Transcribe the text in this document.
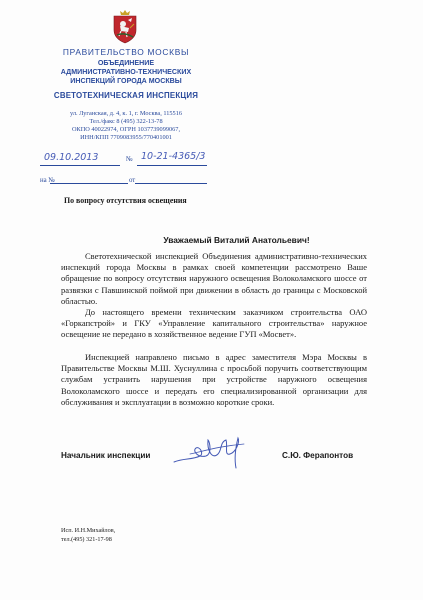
ПРАВИТЕЛЬСТВО МОСКВЫ
ОБЪЕДИНЕНИЕ
АДМИНИСТРАТИВНО-ТЕХНИЧЕСКИХ
ИНСПЕКЦИЙ ГОРОДА МОСКВЫ
СВЕТОТЕХНИЧЕСКАЯ ИНСПЕКЦИЯ
ул. Луганская, д. 4, к. 1, г. Москва, 115516
Тел./факс 8 (495) 322-13-78
ОКПО 40022974, ОГРН 1037739099067,
ИНН/КПП 7709083955/770401001
09.10.2013	№ 10-21-4365/3
на №	от
По вопросу отсутствия освещения
Уважаемый Виталий Анатольевич!

Светотехнической инспекцией Объединения административно-технических инспекций города Москвы в рамках своей компетенции рассмотрено Ваше обращение по вопросу отсутствия наружного освещения Волоколамского шоссе от развязки с Павшинской поймой при движении в область до границы с Московской областью.

До настоящего времени техническим заказчиком строительства ОАО «Горкапстрой» и ГКУ «Управление капитального строительства» наружное освещение не передано в хозяйственное ведение ГУП «Мосвет».

Инспекцией направлено письмо в адрес заместителя Мэра Москвы в Правительстве Москвы М.Ш. Хуснуллина с просьбой поручить соответствующим службам устранить нарушения при устройстве наружного освещения Волоколамского шоссе и передать его специализированной организации для обслуживания и эксплуатации в возможно короткие сроки.

Начальник инспекции	С.Ю. Ферапонтов
Исп. И.Н.Михайлов,
тел.(495) 321-17-98
